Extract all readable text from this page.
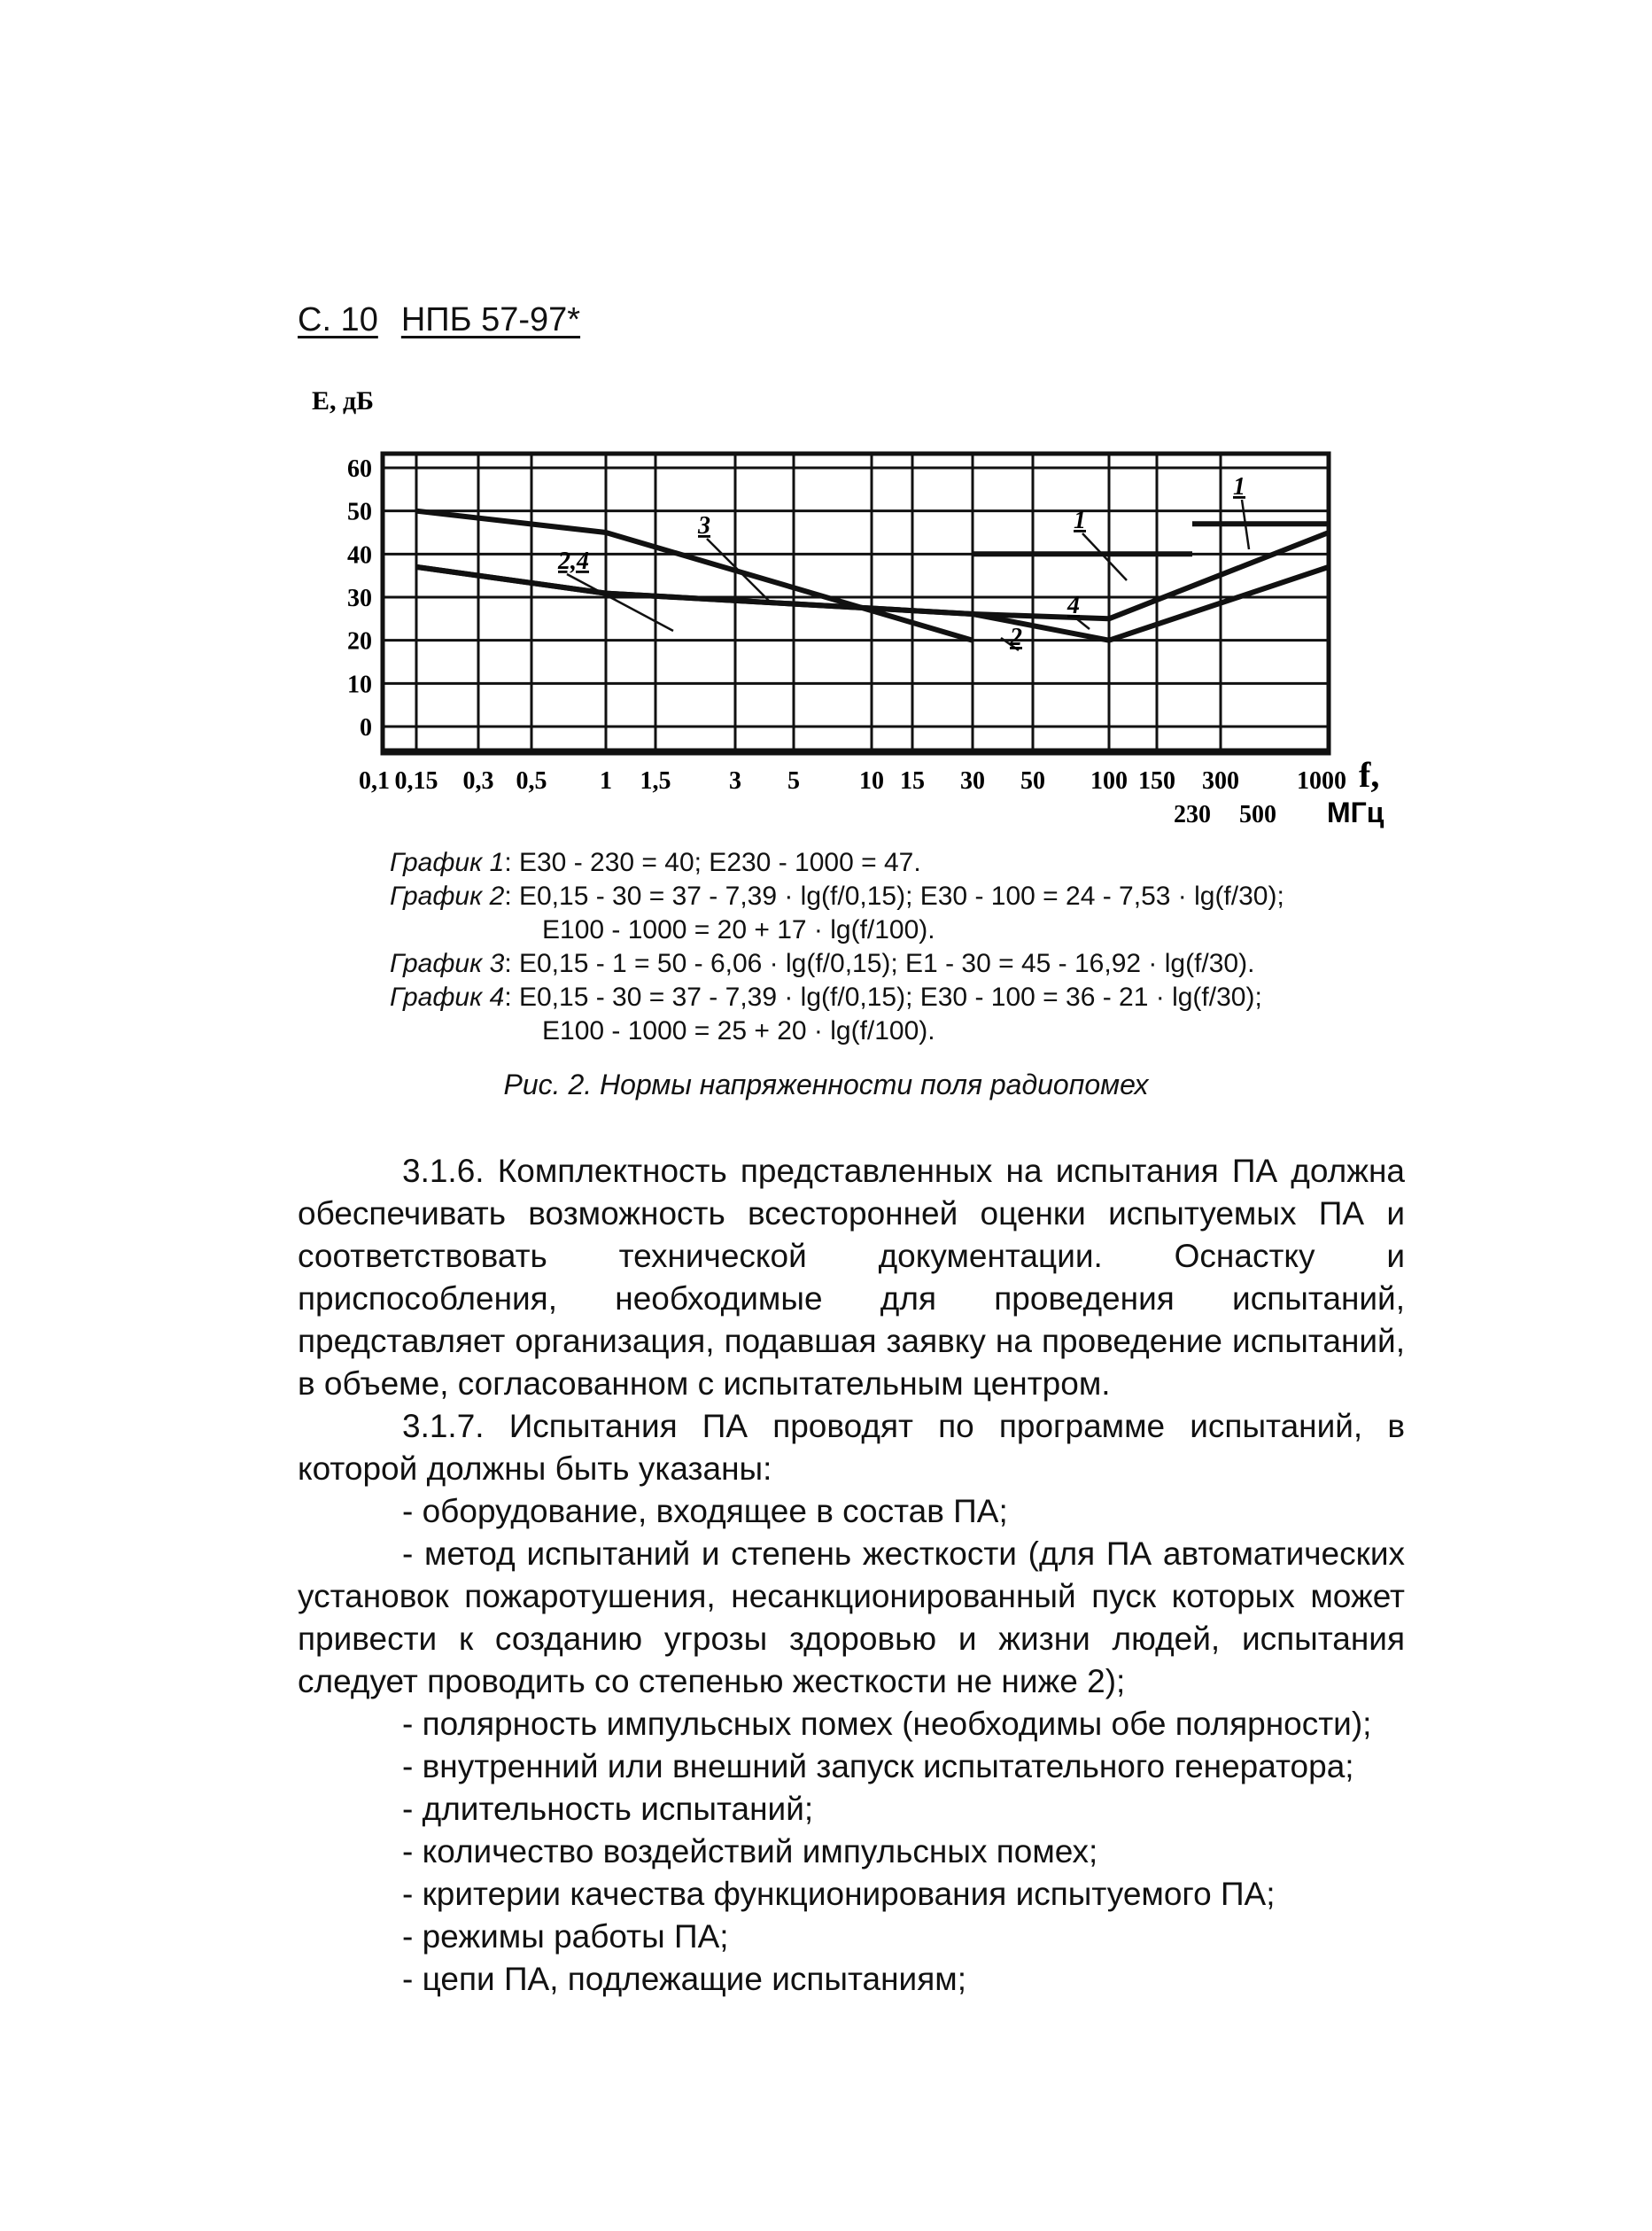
С. 10 НПБ 57-97*
1
2
3
2,4
4
1
60
50
40
30
20
10
0
0,1 0,15 0,3 0,5 1 1,5 3 5 10 15 30 50 100 150 300 1000
230 500
Е, дБ
f,
МГц
График 1: E30 - 230 = 40; E230 - 1000 = 47.
График 2: E0,15 - 30 = 37 - 7,39 · lg(f/0,15); E30 - 100 = 24 - 7,53 · lg(f/30);
E100 - 1000 = 20 + 17 · lg(f/100).
График 3: E0,15 - 1 = 50 - 6,06 · lg(f/0,15); E1 - 30 = 45 - 16,92 · lg(f/30).
График 4: E0,15 - 30 = 37 - 7,39 · lg(f/0,15); E30 - 100 = 36 - 21 · lg(f/30);
E100 - 1000 = 25 + 20 · lg(f/100).
Рис. 2. Нормы напряженности поля радиопомех

3.1.6. Комплектность представленных на испытания ПА должна обеспечивать возможность всесторонней оценки испытуемых ПА и соответствовать технической документации. Оснастку и приспособления, необходимые для проведения испытаний, представляет организация, подавшая заявку на проведение испытаний, в объеме, согласованном с испытательным центром.

3.1.7. Испытания ПА проводят по программе испытаний, в которой должны быть указаны:

- оборудование, входящее в состав ПА;

- метод испытаний и степень жесткости (для ПА автоматических установок пожаротушения, несанкционированный пуск которых может привести к созданию угрозы здоровью и жизни людей, испытания следует проводить со степенью жесткости не ниже 2);

- полярность импульсных помех (необходимы обе полярности);

- внутренний или внешний запуск испытательного генератора;

- длительность испытаний;

- количество воздействий импульсных помех;

- критерии качества функционирования испытуемого ПА;

- режимы работы ПА;

- цепи ПА, подлежащие испытаниям;
